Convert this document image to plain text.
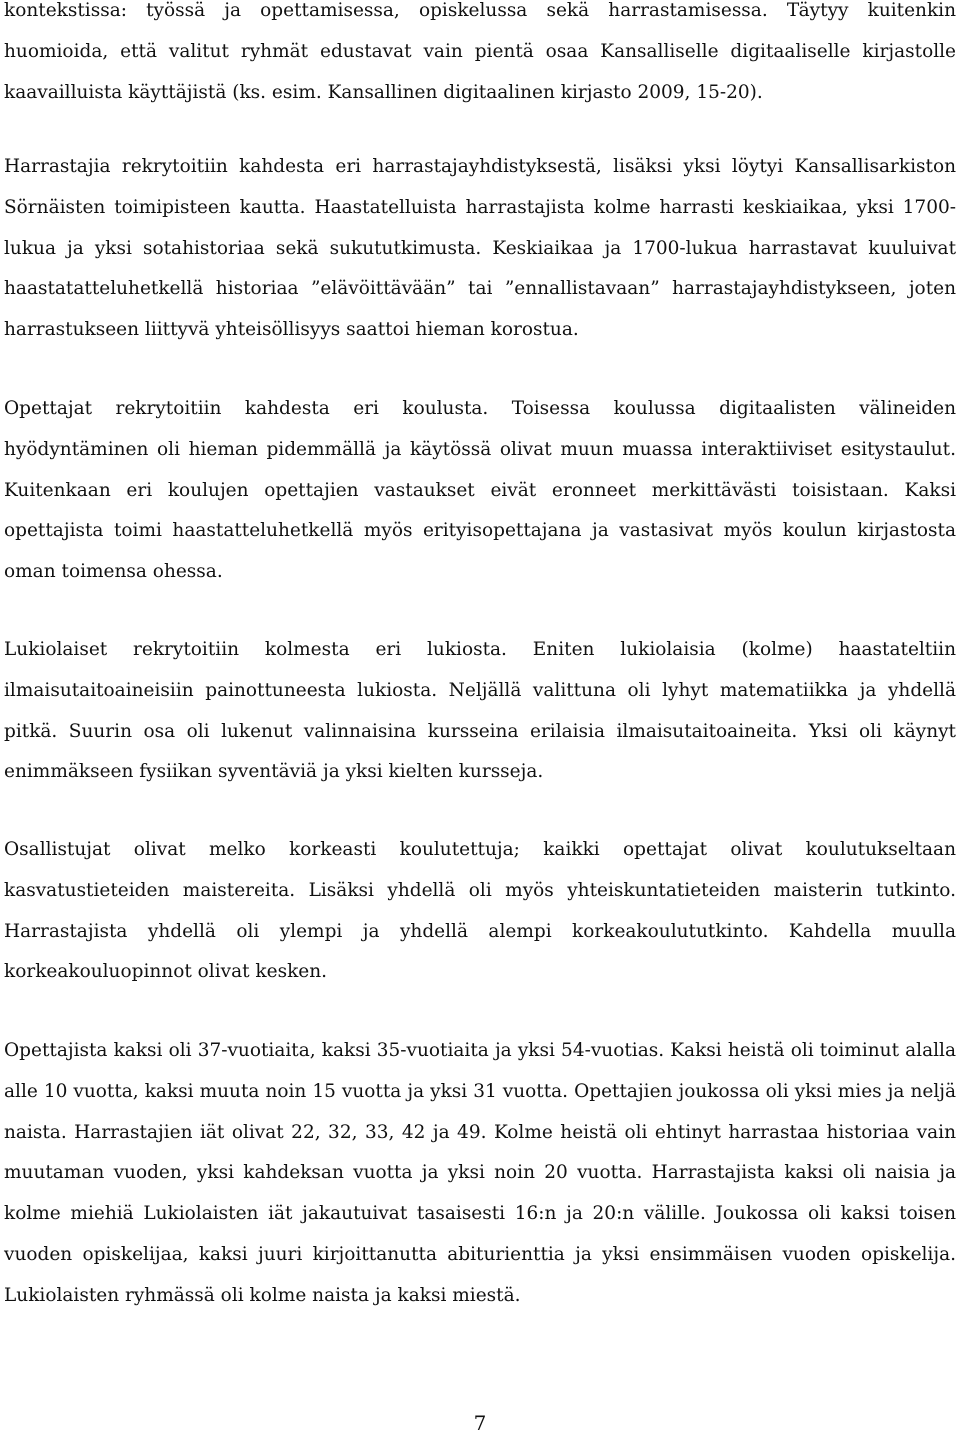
kontekstissa: työssä ja opettamisessa, opiskelussa sekä harrastamisessa. Täytyy kuitenkin huomioida, että valitut ryhmät edustavat vain pientä osaa Kansalliselle digitaaliselle kirjastolle kaavailluista käyttäjistä (ks. esim. Kansallinen digitaalinen kirjasto 2009, 15-20).

Harrastajia rekrytoitiin kahdesta eri harrastajayhdistyksestä, lisäksi yksi löytyi Kansallisarkiston Sörnäisten toimipisteen kautta. Haastatelluista harrastajista kolme harrasti keskiaikaa, yksi 1700-lukua ja yksi sotahistoriaa sekä sukututkimusta. Keskiaikaa ja 1700-lukua harrastavat kuuluivat haastatatteluhetkellä historiaa ”elävöittävään” tai ”ennallistavaan” harrastajayhdistykseen, joten harrastukseen liittyvä yhteisöllisyys saattoi hieman korostua.

Opettajat rekrytoitiin kahdesta eri koulusta. Toisessa koulussa digitaalisten välineiden hyödyntäminen oli hieman pidemmällä ja käytössä olivat muun muassa interaktiiviset esitystaulut. Kuitenkaan eri koulujen opettajien vastaukset eivät eronneet merkittävästi toisistaan. Kaksi opettajista toimi haastatteluhetkellä myös erityisopettajana ja vastasivat myös koulun kirjastosta oman toimensa ohessa.

Lukiolaiset rekrytoitiin kolmesta eri lukiosta. Eniten lukiolaisia (kolme) haastateltiin ilmaisutaitoaineisiin painottuneesta lukiosta. Neljällä valittuna oli lyhyt matematiikka ja yhdellä pitkä. Suurin osa oli lukenut valinnaisina kursseina erilaisia ilmaisutaitoaineita. Yksi oli käynyt enimmäkseen fysiikan syventäviä ja yksi kielten kursseja.

Osallistujat olivat melko korkeasti koulutettuja; kaikki opettajat olivat koulutukseltaan kasvatustieteiden maistereita. Lisäksi yhdellä oli myös yhteiskuntatieteiden maisterin tutkinto. Harrastajista yhdellä oli ylempi ja yhdellä alempi korkeakoulututkinto. Kahdella muulla korkeakouluopinnot olivat kesken.

Opettajista kaksi oli 37-vuotiaita, kaksi 35-vuotiaita ja yksi 54-vuotias. Kaksi heistä oli toiminut alalla alle 10 vuotta, kaksi muuta noin 15 vuotta ja yksi 31 vuotta. Opettajien joukossa oli yksi mies ja neljä naista. Harrastajien iät olivat 22, 32, 33, 42 ja 49. Kolme heistä oli ehtinyt harrastaa historiaa vain muutaman vuoden, yksi kahdeksan vuotta ja yksi noin 20 vuotta. Harrastajista kaksi oli naisia ja kolme miehiä Lukiolaisten iät jakautuivat tasaisesti 16:n ja 20:n välille. Joukossa oli kaksi toisen vuoden opiskelijaa, kaksi juuri kirjoittanutta abiturienttia ja yksi ensimmäisen vuoden opiskelija. Lukiolaisten ryhmässä oli kolme naista ja kaksi miestä.

7
